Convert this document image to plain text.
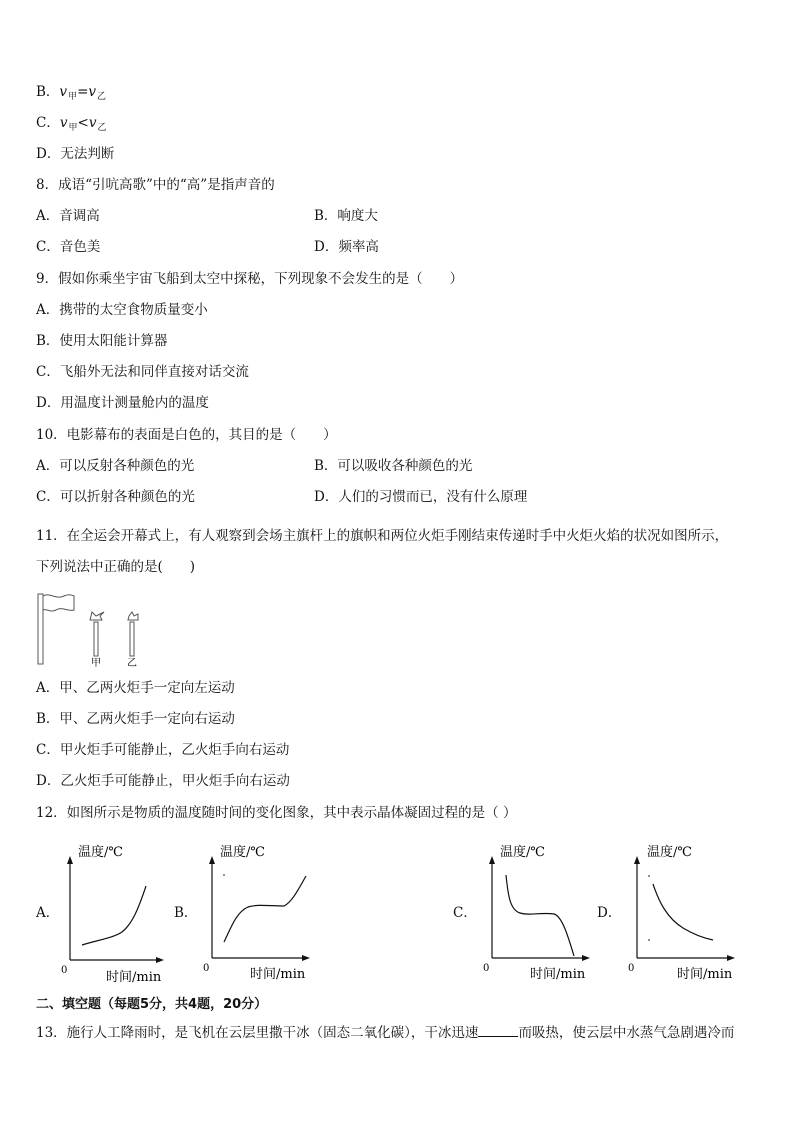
B．$v_甲=v_乙$
C．$v_甲<v_乙$
D．无法判断
8．成语“引吭高歌”中的“高”是指声音的
A．音调高	B．响度大
C．音色美	D．频率高
9．假如你乘坐宇宙飞船到太空中探秘，下列现象不会发生的是（　　）
A．携带的太空食物质量变小
B．使用太阳能计算器
C．飞船外无法和同伴直接对话交流
D．用温度计测量舱内的温度
10．电影幕布的表面是白色的，其目的是（　　）
A．可以反射各种颜色的光	B．可以吸收各种颜色的光
C．可以折射各种颜色的光	D．人们的习惯而已，没有什么原理
11．在全运会开幕式上，有人观察到会场主旗杆上的旗帜和两位火炬手刚结束传递时手中火炬火焰的状况如图所示，
下列说法中正确的是(　　)
甲	乙
A．甲、乙两火炬手一定向左运动
B．甲、乙两火炬手一定向右运动
C．甲火炬手可能静止，乙火炬手向右运动
D．乙火炬手可能静止，甲火炬手向右运动
12．如图所示是物质的温度随时间的变化图象，其中表示晶体凝固过程的是（ ）
A．
温度/℃
时间/min
0
B．
温度/℃
时间/min
0
C．
温度/℃
时间/min
0
D．
温度/℃
时间/min
0
二、填空题（每题5分，共4题，20分）
13．施行人工降雨时，是飞机在云层里撒干冰（固态二氧化碳），干冰迅速	而吸热，使云层中水蒸气急剧遇冷而
